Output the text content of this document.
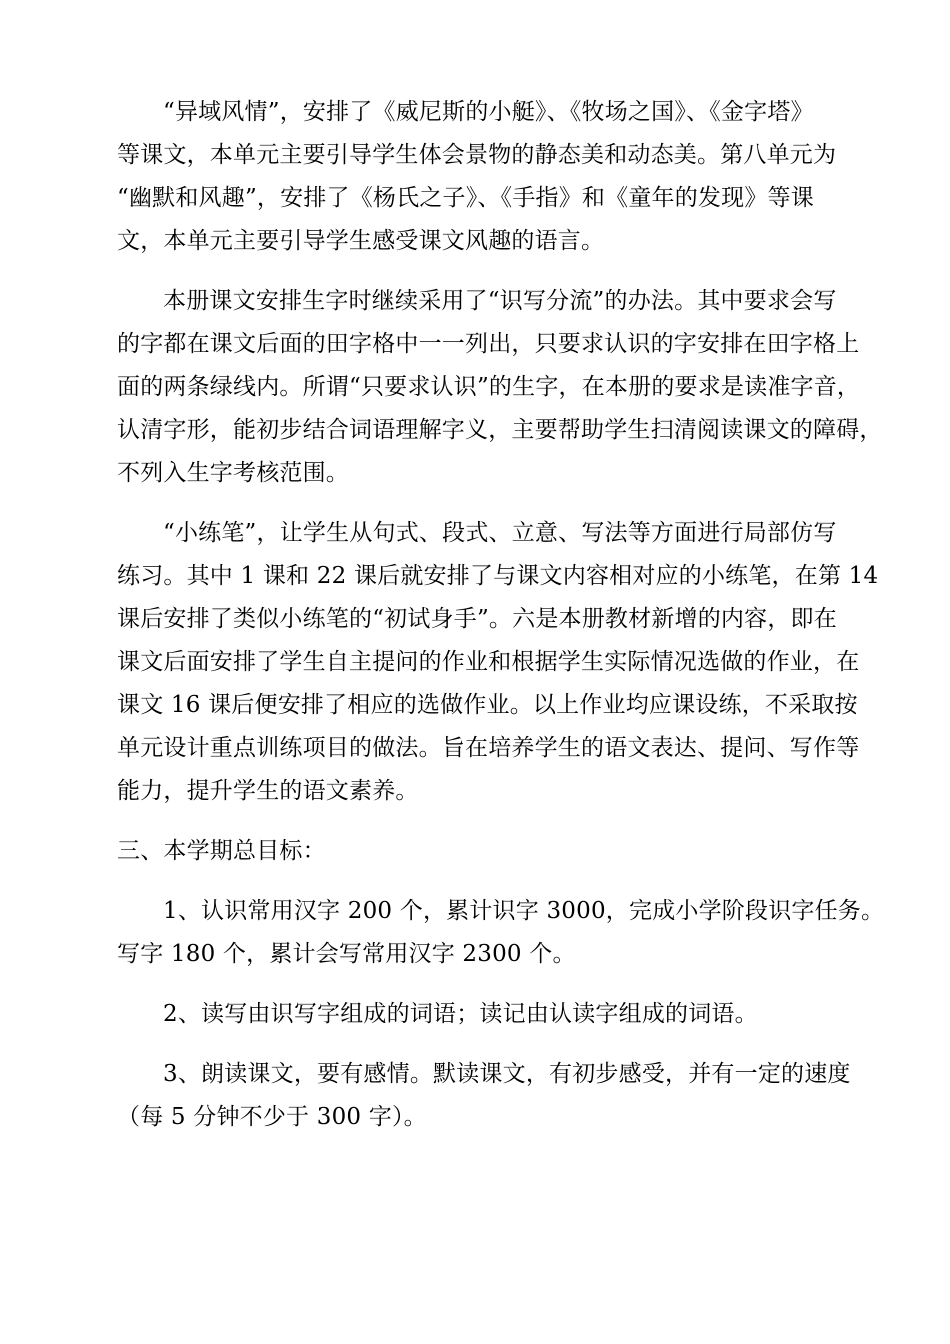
“异域风情”，安排了《威尼斯的小艇》、《牧场之国》、《金字塔》
等课文，本单元主要引导学生体会景物的静态美和动态美。第八单元为
“幽默和风趣”，安排了《杨氏之子》、《手指》和《童年的发现》等课
文，本单元主要引导学生感受课文风趣的语言。
本册课文安排生字时继续采用了“识写分流”的办法。其中要求会写
的字都在课文后面的田字格中一一列出，只要求认识的字安排在田字格上
面的两条绿线内。所谓“只要求认识”的生字，在本册的要求是读准字音，
认清字形，能初步结合词语理解字义，主要帮助学生扫清阅读课文的障碍，
不列入生字考核范围。
“小练笔”，让学生从句式、段式、立意、写法等方面进行局部仿写
练习。其中 1 课和 22 课后就安排了与课文内容相对应的小练笔，在第 14
课后安排了类似小练笔的“初试身手”。六是本册教材新增的内容，即在
课文后面安排了学生自主提问的作业和根据学生实际情况选做的作业，在
课文 16 课后便安排了相应的选做作业。以上作业均应课设练，不采取按
单元设计重点训练项目的做法。旨在培养学生的语文表达、提问、写作等
能力，提升学生的语文素养。
三、本学期总目标：
1、认识常用汉字 200 个，累计识字 3000，完成小学阶段识字任务。
写字 180 个，累计会写常用汉字 2300 个。
2、读写由识写字组成的词语；读记由认读字组成的词语。
3、朗读课文，要有感情。默读课文，有初步感受，并有一定的速度
（每 5 分钟不少于 300 字）。
